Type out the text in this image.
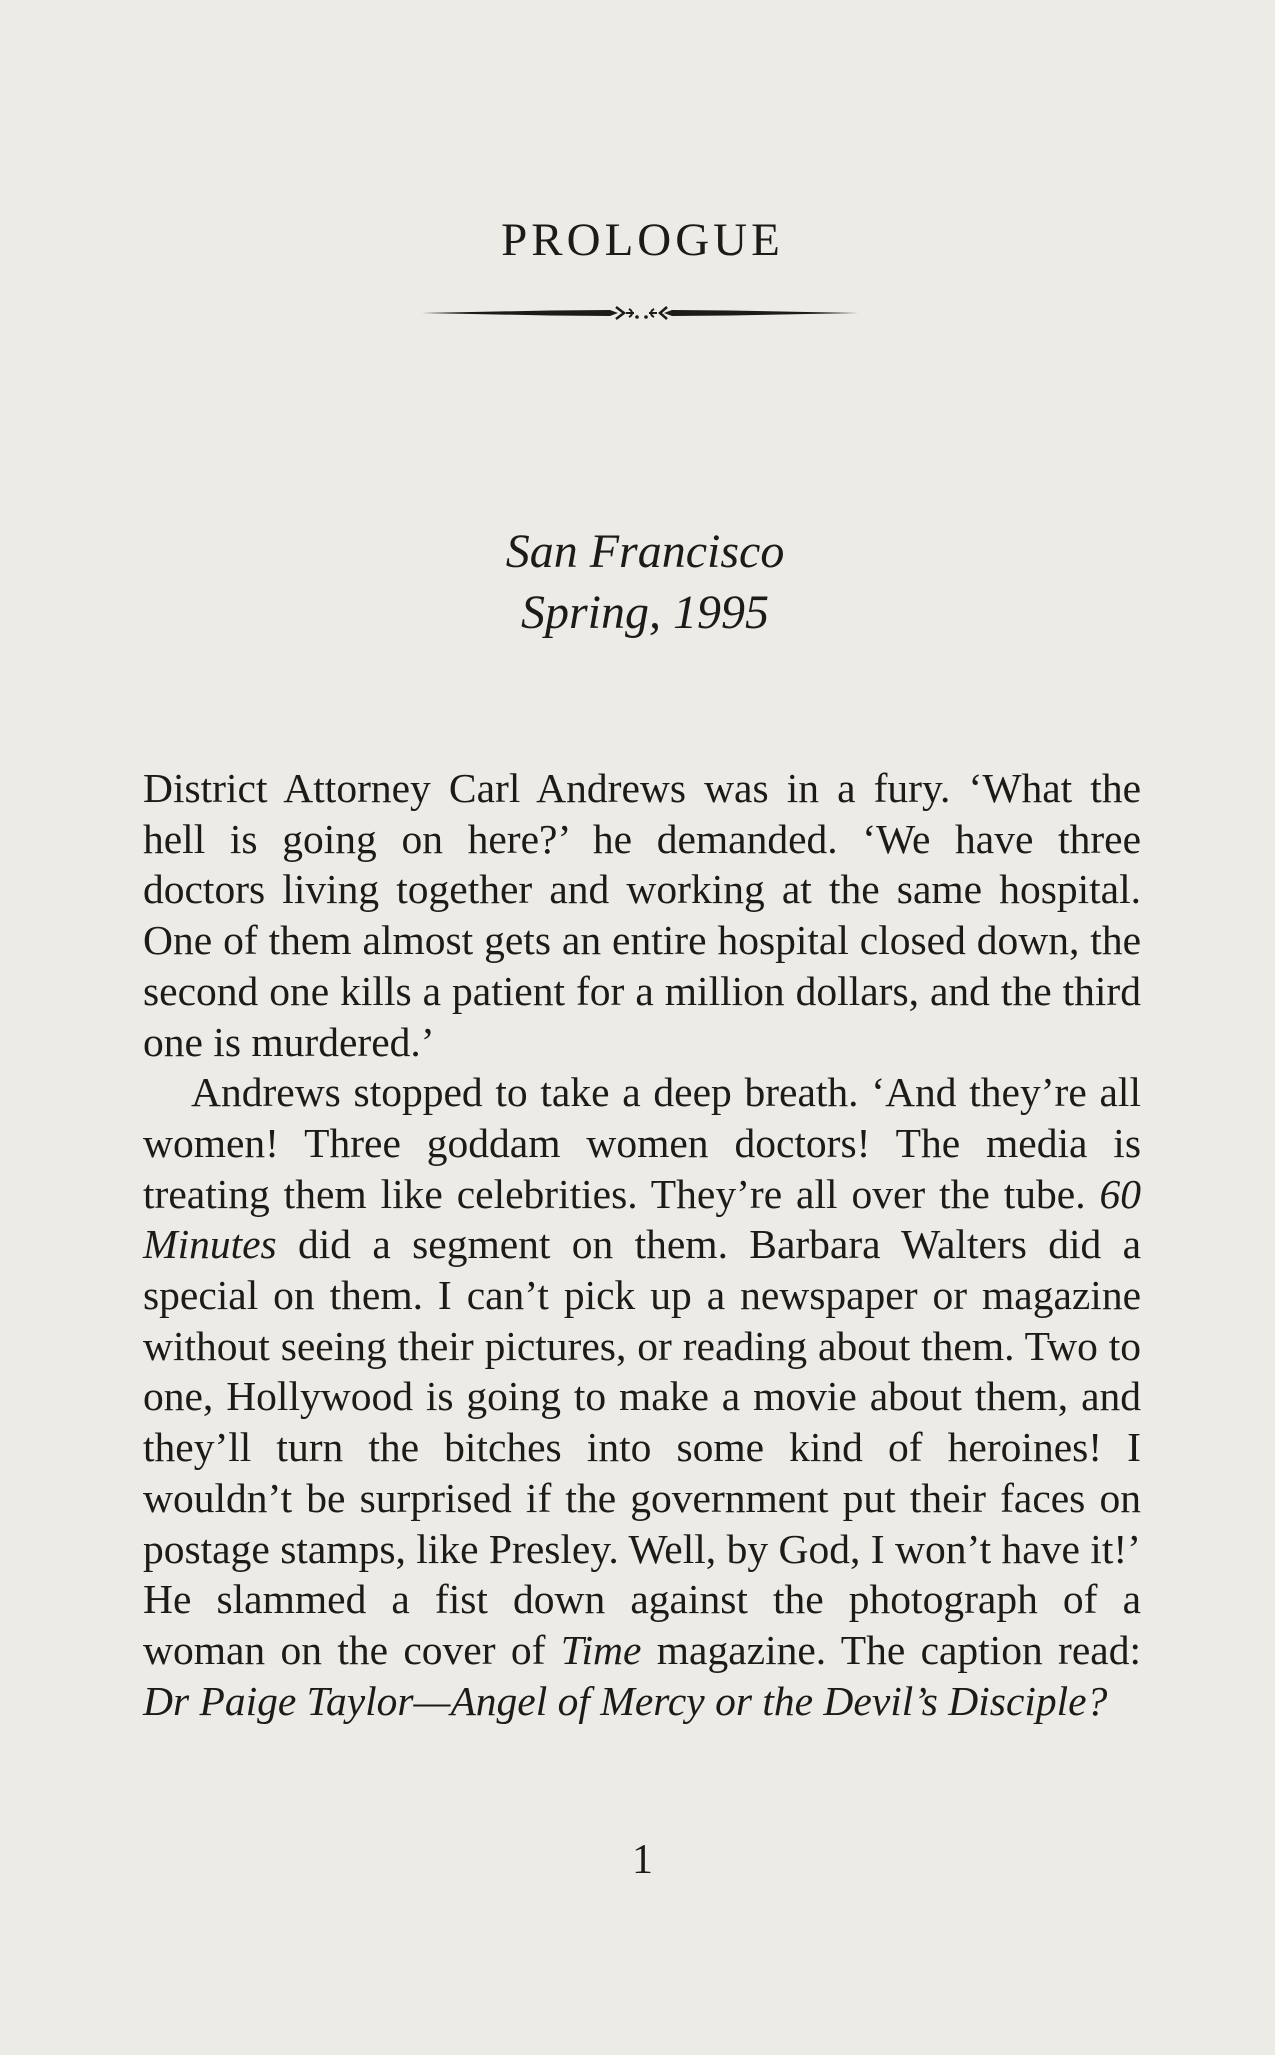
PROLOGUE
San Francisco
Spring, 1995

District Attorney Carl Andrews was in a fury. ‘What the hell is going on here?’ he demanded. ‘We have three doctors living together and working at the same hospital. One of them almost gets an entire hospital closed down, the second one kills a patient for a million dollars, and the third one is murdered.’

Andrews stopped to take a deep breath. ‘And they’re all women! Three goddam women doctors! The media is treating them like celebrities. They’re all over the tube. 60 Minutes did a segment on them. Barbara Walters did a special on them. I can’t pick up a newspaper or magazine without seeing their pictures, or reading about them. Two to one, Hollywood is going to make a movie about them, and they’ll turn the bitches into some kind of heroines! I wouldn’t be surprised if the government put their faces on postage stamps, like Presley. Well, by God, I won’t have it!’ He slammed a fist down against the photograph of a woman on the cover of Time magazine. The caption read: Dr Paige Taylor—Angel of Mercy or the Devil’s Disciple?

1
